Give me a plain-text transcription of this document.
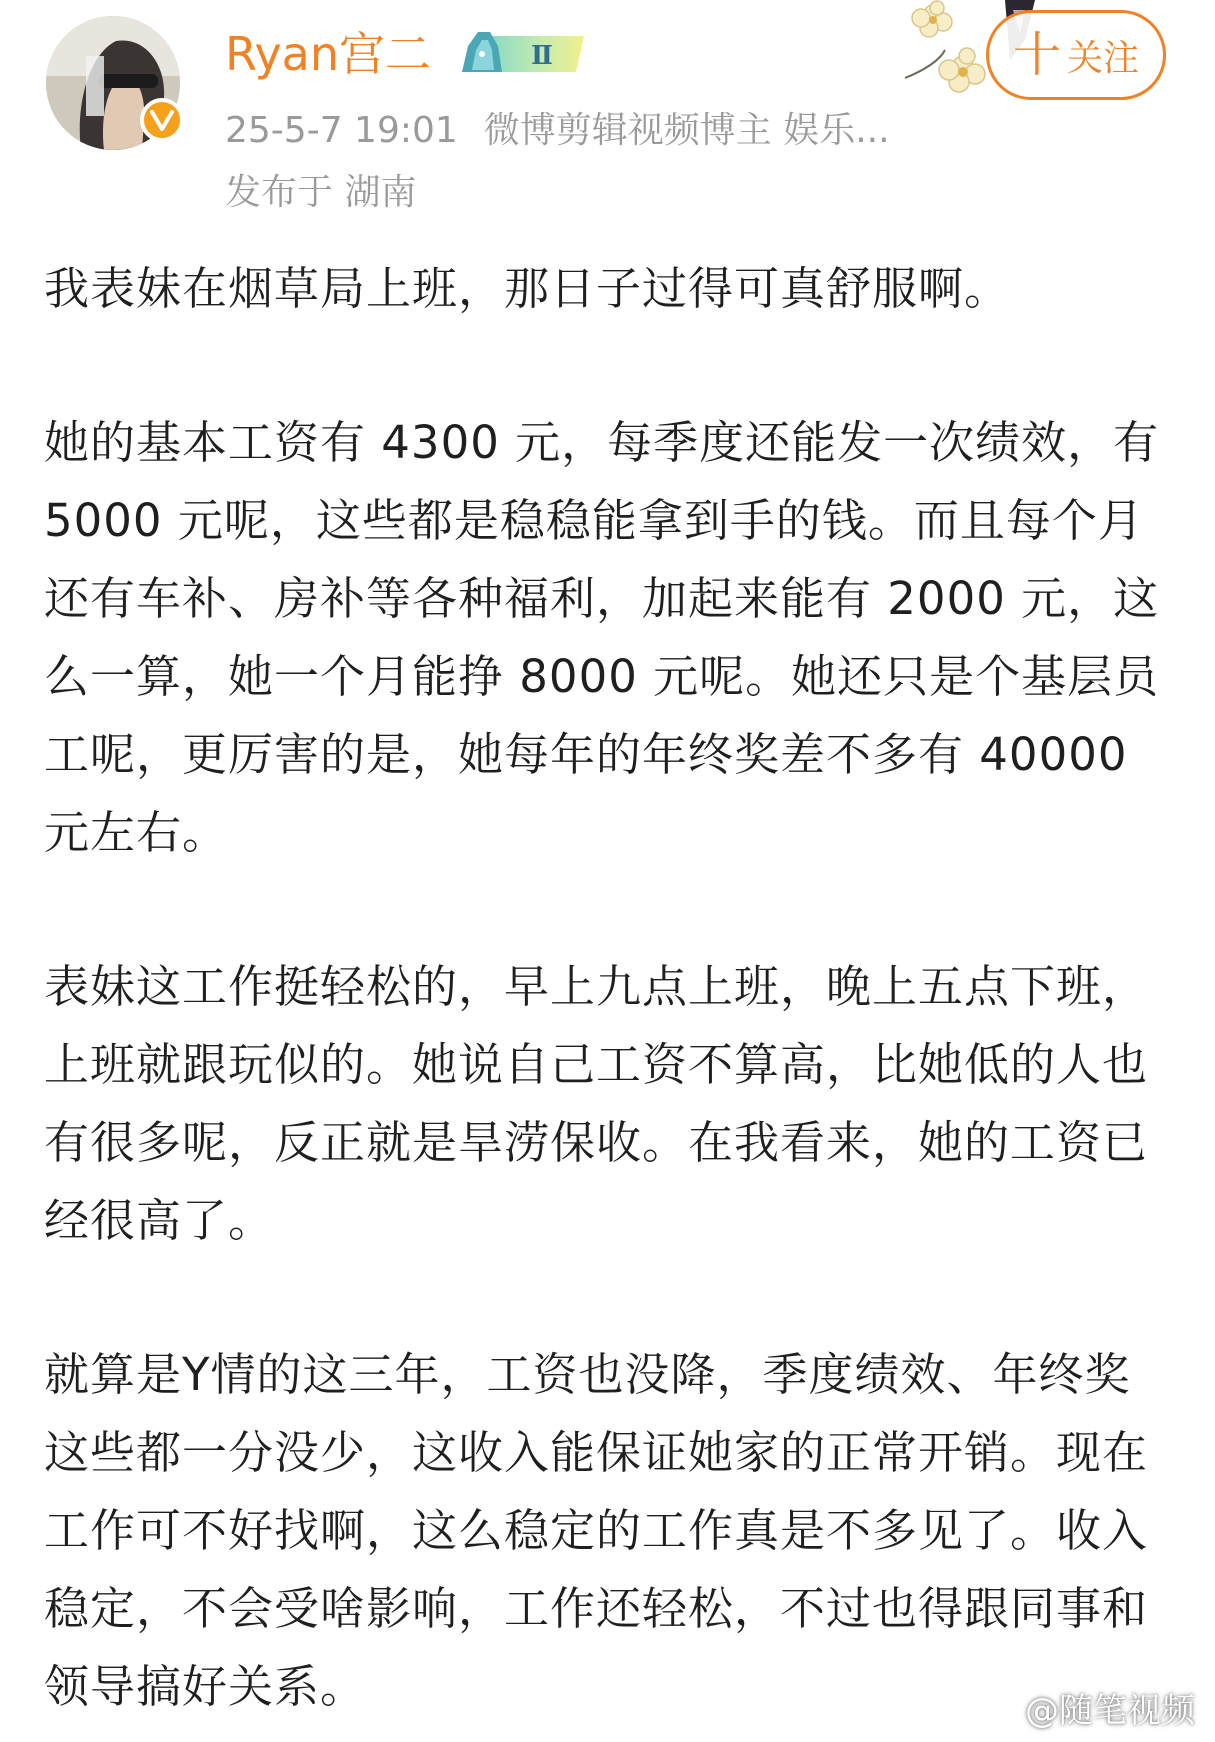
Ryan宫二	Ⅱ
25-5-7 19:01 微博剪辑视频博主 娱乐...
发布于 湖南
十 关注

我表妹在烟草局上班，那日子过得可真舒服啊。

她的基本工资有 4300 元，每季度还能发一次绩效，有 5000 元呢，这些都是稳稳能拿到手的钱。而且每个月还有车补、房补等各种福利，加起来能有 2000 元，这么一算，她一个月能挣 8000 元呢。她还只是个基层员工呢，更厉害的是，她每年的年终奖差不多有 40000 元左右。

表妹这工作挺轻松的，早上九点上班，晚上五点下班，上班就跟玩似的。她说自己工资不算高，比她低的人也有很多呢，反正就是旱涝保收。在我看来，她的工资已经很高了。

就算是Y情的这三年，工资也没降，季度绩效、年终奖这些都一分没少，这收入能保证她家的正常开销。现在工作可不好找啊，这么稳定的工作真是不多见了。收入稳定，不会受啥影响，工作还轻松，不过也得跟同事和领导搞好关系。	@随笔视频
